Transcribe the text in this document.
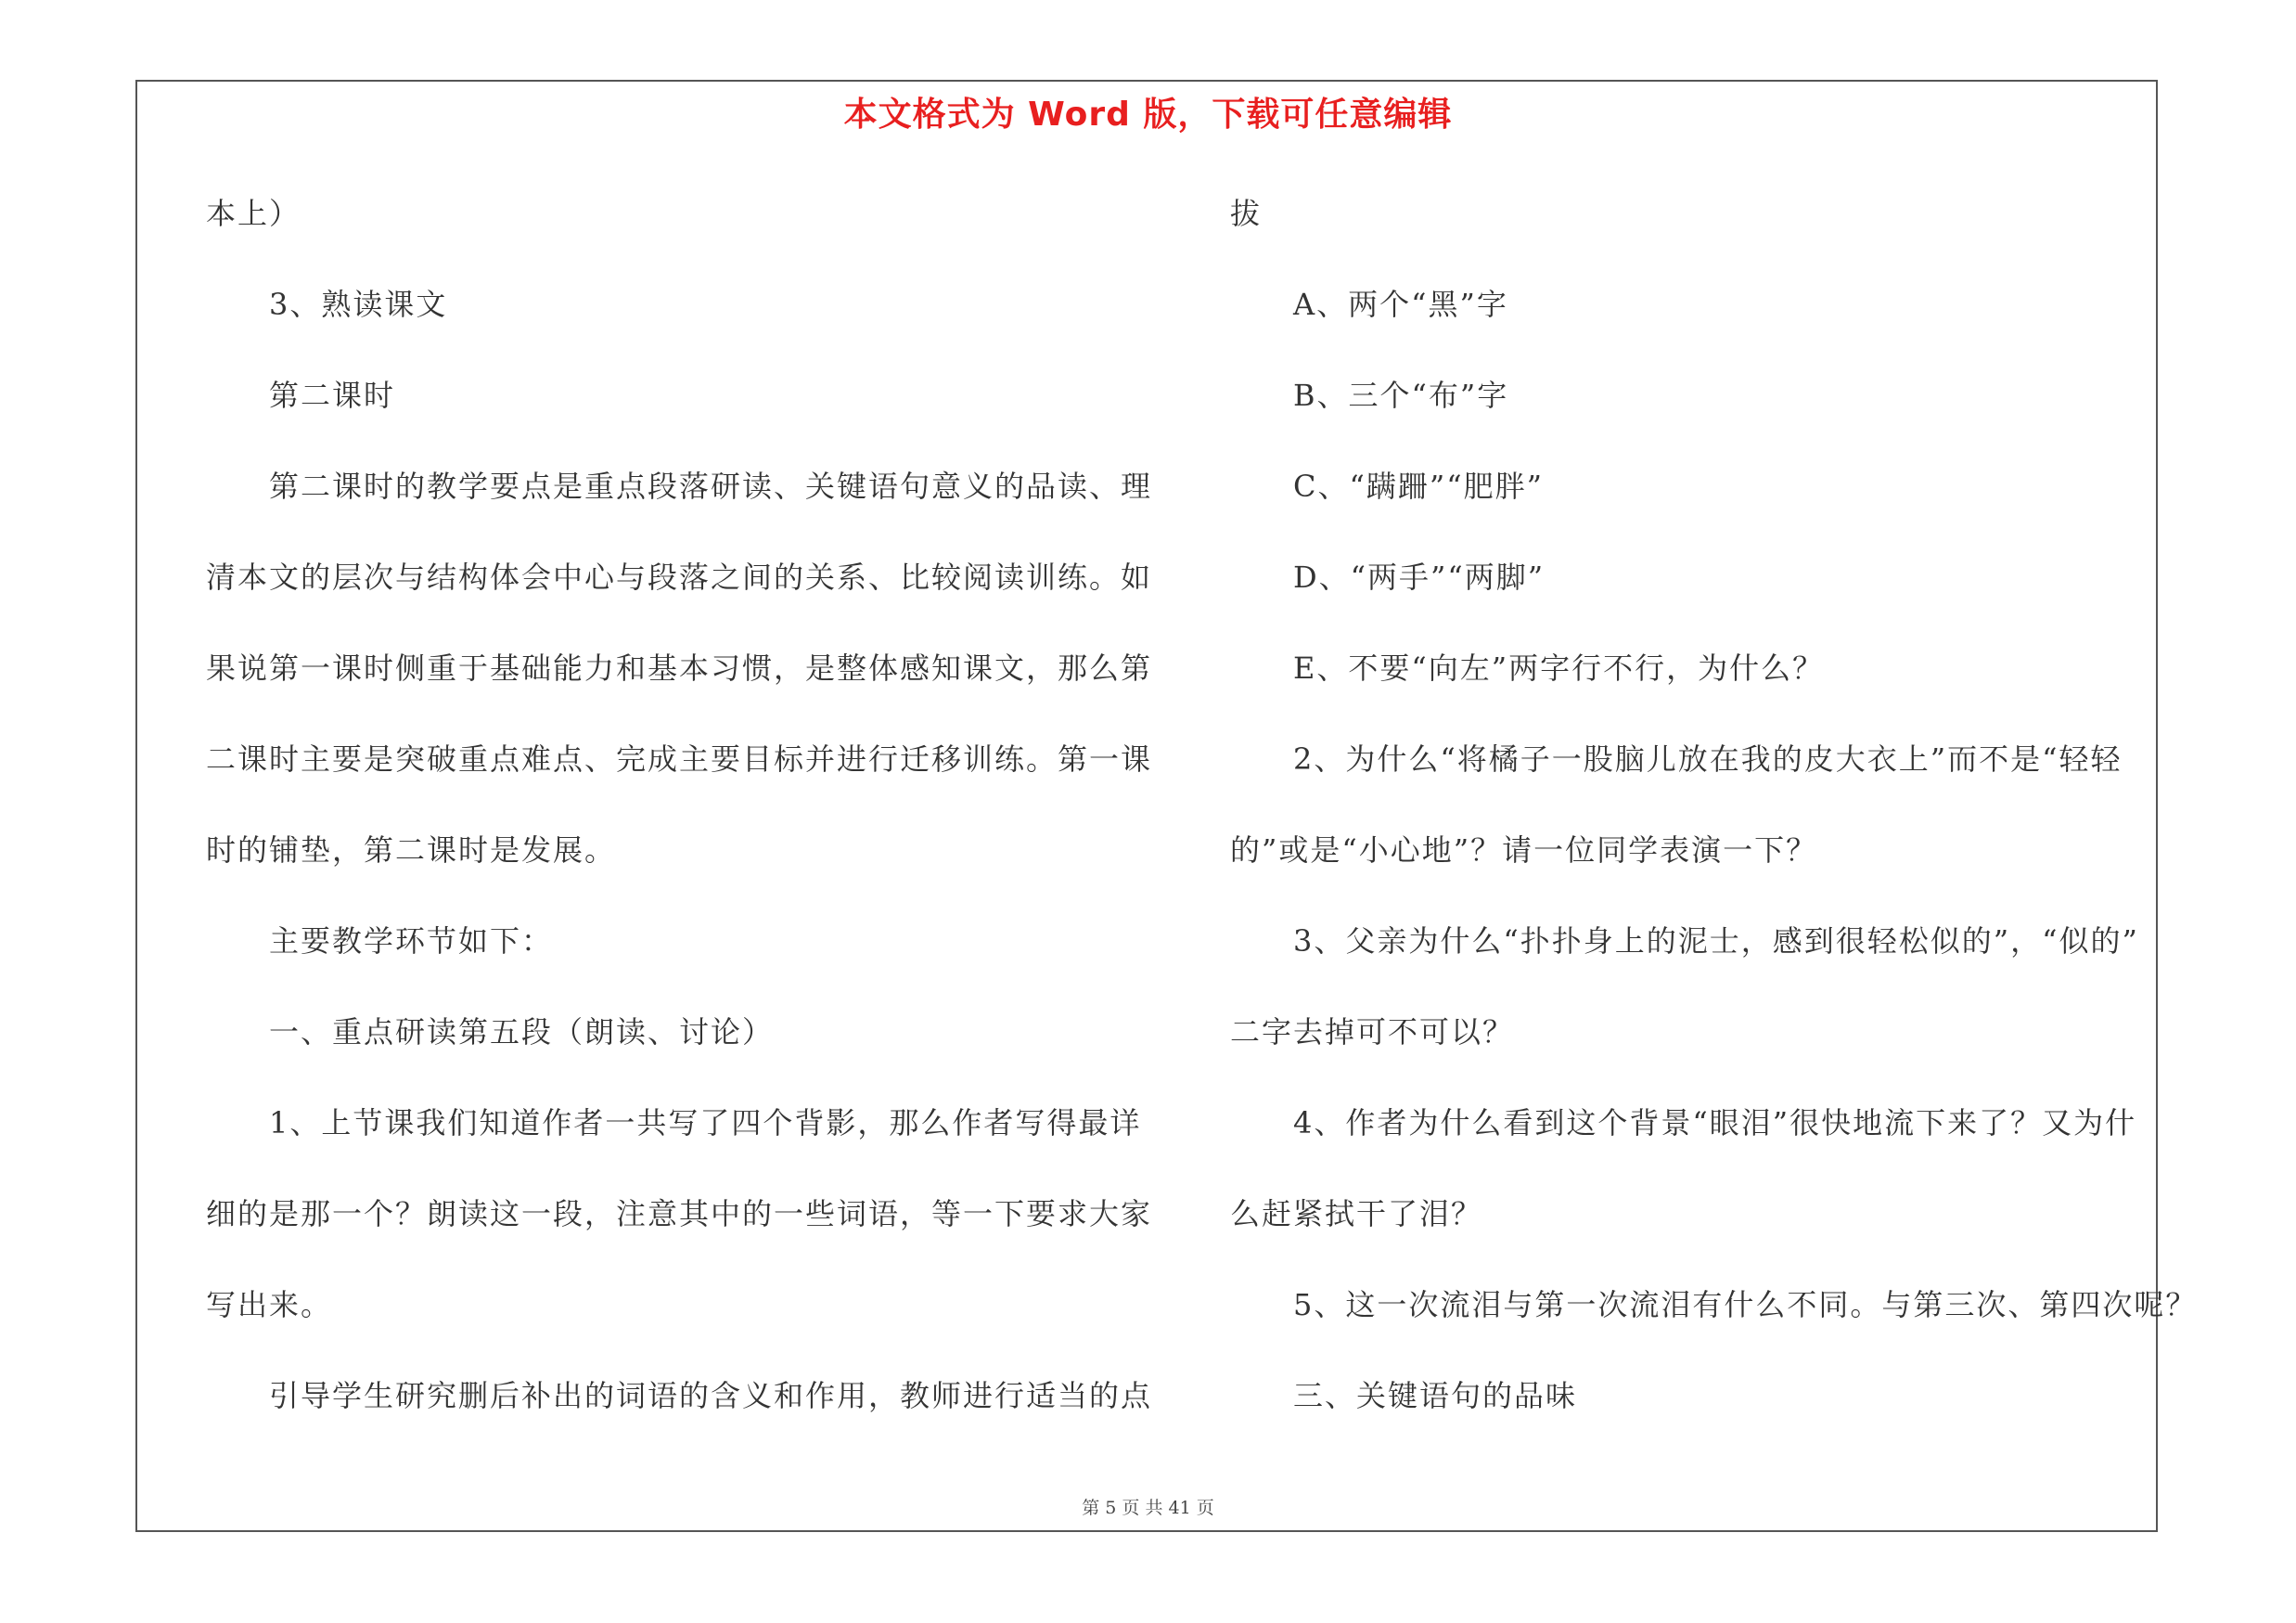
本文格式为 Word 版，下载可任意编辑
本上）
　　3、熟读课文
　　第二课时
　　第二课时的教学要点是重点段落研读、关键语句意义的品读、理
清本文的层次与结构体会中心与段落之间的关系、比较阅读训练。如
果说第一课时侧重于基础能力和基本习惯，是整体感知课文，那么第
二课时主要是突破重点难点、完成主要目标并进行迁移训练。第一课
时的铺垫，第二课时是发展。
　　主要教学环节如下：
　　一、重点研读第五段（朗读、讨论）
　　1、上节课我们知道作者一共写了四个背影，那么作者写得最详
细的是那一个？朗读这一段，注意其中的一些词语，等一下要求大家
写出来。
　　引导学生研究删后补出的词语的含义和作用，教师进行适当的点
拔
　　A、两个“黑”字
　　B、三个“布”字
　　C、“蹒跚”“肥胖”
　　D、“两手”“两脚”
　　E、不要“向左”两字行不行，为什么？
　　2、为什么“将橘子一股脑儿放在我的皮大衣上”而不是“轻轻
的”或是“小心地”？请一位同学表演一下？
　　3、父亲为什么“扑扑身上的泥士，感到很轻松似的”，“似的”
二字去掉可不可以？
　　4、作者为什么看到这个背景“眼泪”很快地流下来了？又为什
么赶紧拭干了泪？
　　5、这一次流泪与第一次流泪有什么不同。与第三次、第四次呢？
　　三、关键语句的品味
第 5 页 共 41 页
